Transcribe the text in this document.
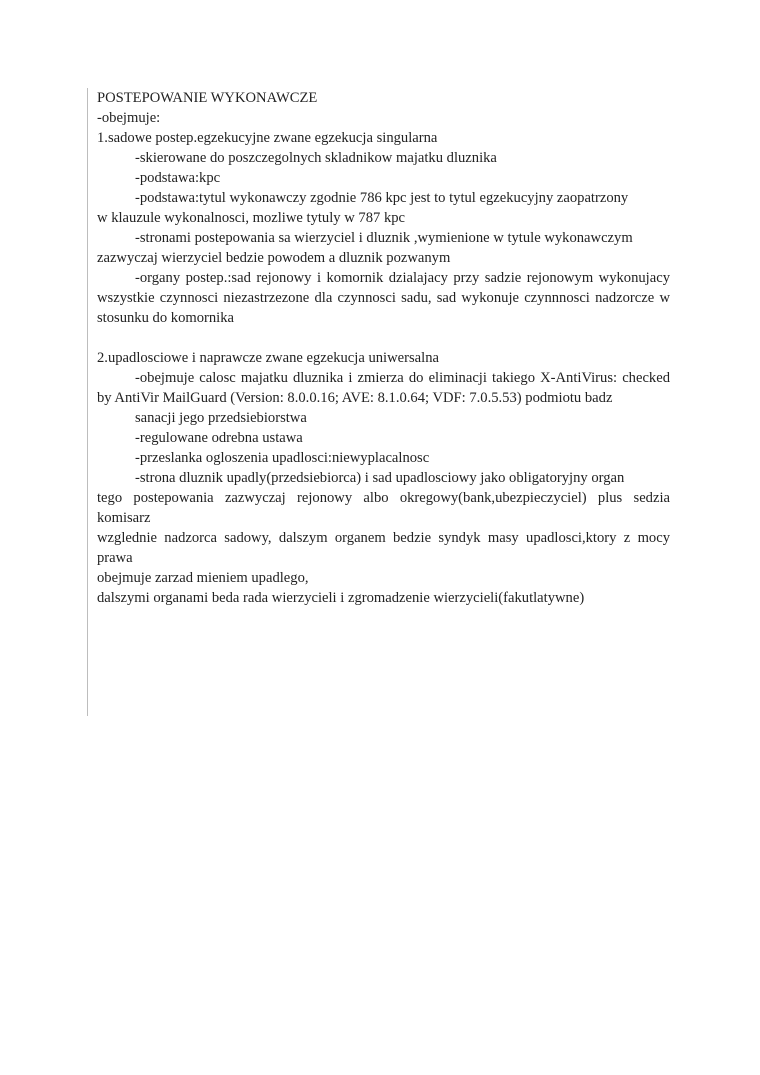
POSTEPOWANIE WYKONAWCZE

-obejmuje:

1.sadowe postep.egzekucyjne zwane egzekucja singularna

-skierowane do poszczegolnych skladnikow majatku dluznika

-podstawa:kpc

-podstawa:tytul wykonawczy zgodnie 786 kpc jest to tytul egzekucyjny zaopatrzony

w klauzule wykonalnosci, mozliwe tytuly w 787 kpc

-stronami postepowania sa wierzyciel i dluznik ,wymienione w tytule wykonawczym

zazwyczaj wierzyciel bedzie powodem a dluznik pozwanym

-organy postep.:sad rejonowy i komornik dzialajacy przy sadzie rejonowym wykonujacy wszystkie czynnosci niezastrzezone dla czynnosci sadu, sad wykonuje czynnnosci nadzorcze w stosunku do komornika

2.upadlosciowe i naprawcze zwane egzekucja uniwersalna

-obejmuje calosc majatku dluznika i zmierza do eliminacji takiego X-AntiVirus: checked by AntiVir MailGuard (Version: 8.0.0.16; AVE: 8.1.0.64; VDF: 7.0.5.53) podmiotu badz

sanacji jego przedsiebiorstwa

-regulowane odrebna ustawa

-przeslanka ogloszenia upadlosci:niewyplacalnosc

-strona dluznik upadly(przedsiebiorca) i sad upadlosciowy jako obligatoryjny organ

tego postepowania zazwyczaj rejonowy albo okregowy(bank,ubezpieczyciel) plus sedzia komisarz

wzglednie nadzorca sadowy, dalszym organem bedzie syndyk masy upadlosci,ktory z mocy prawa

obejmuje zarzad mieniem upadlego,

dalszymi organami beda rada wierzycieli i zgromadzenie wierzycieli(fakutlatywne)
